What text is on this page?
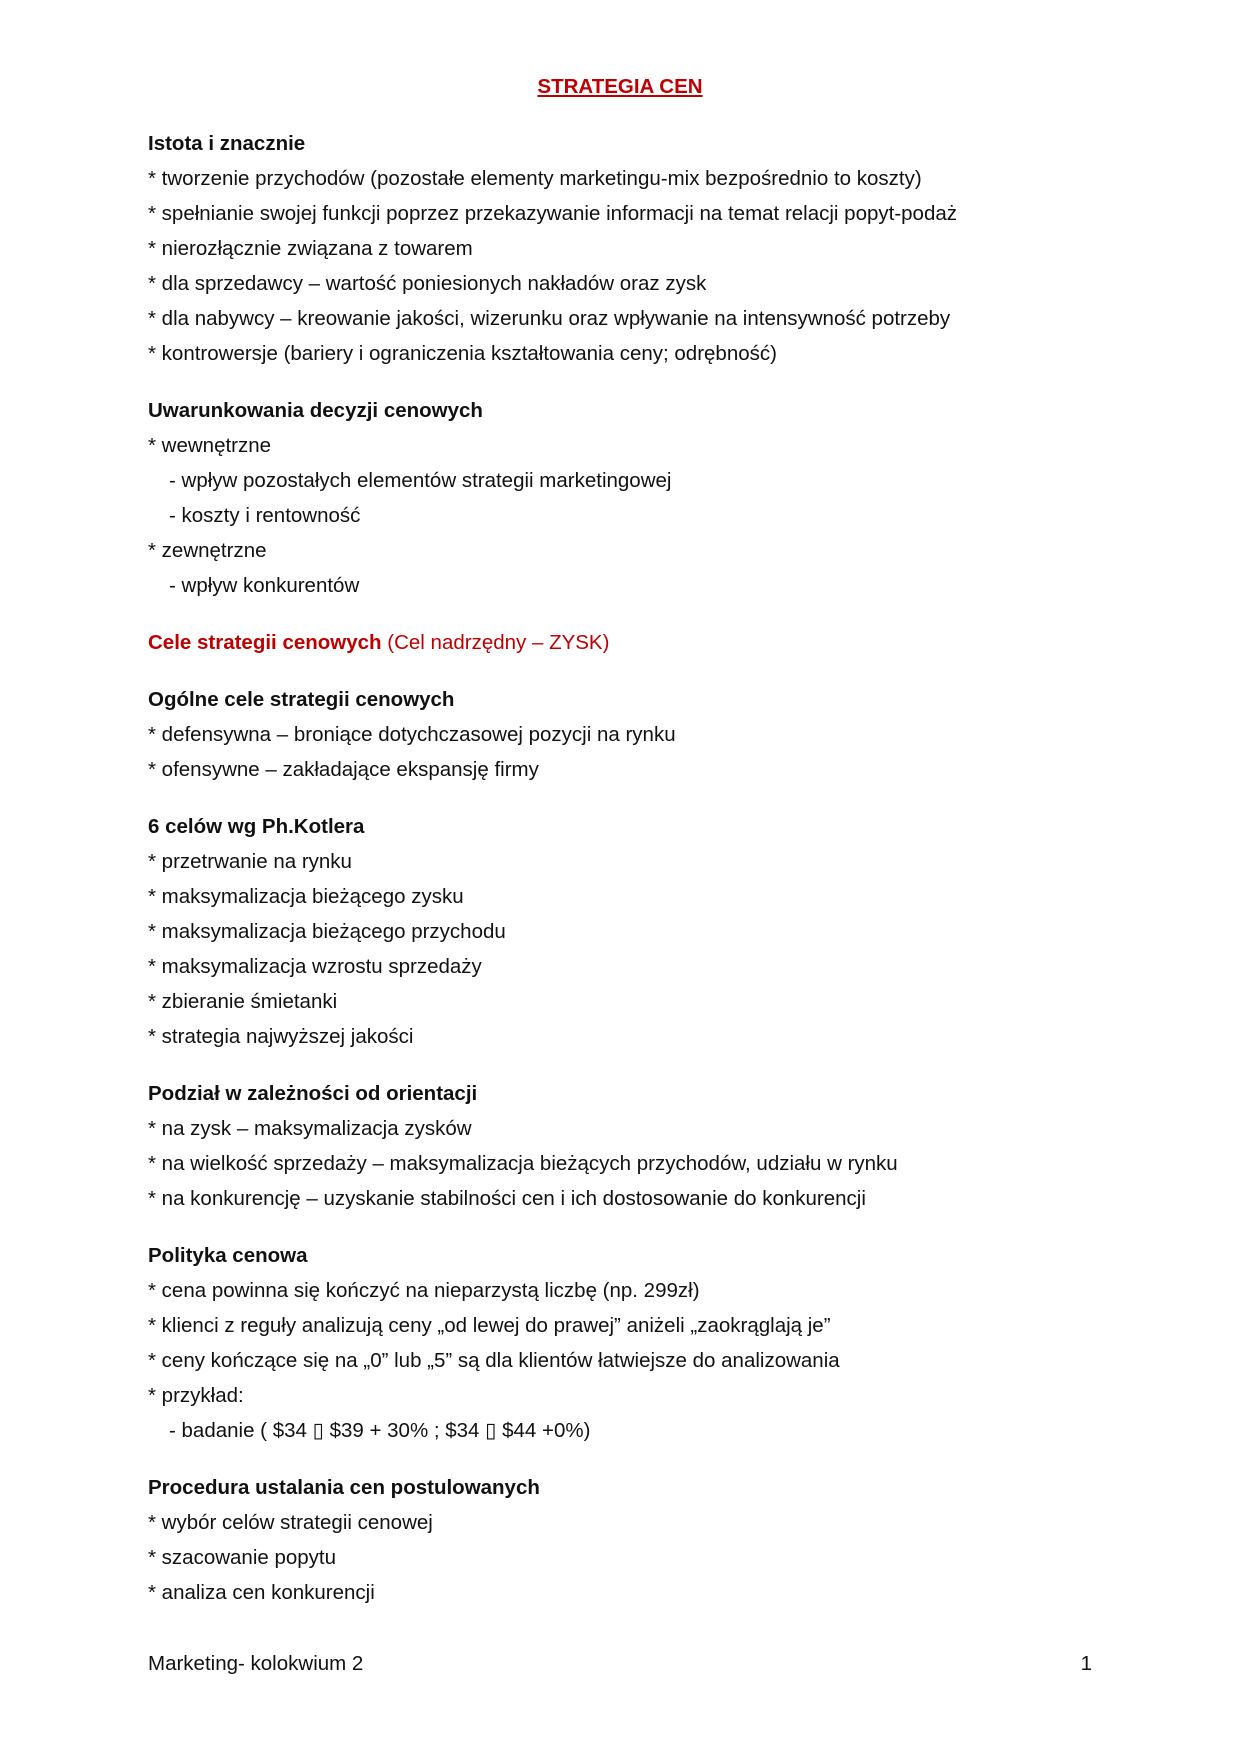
STRATEGIA CEN
Istota i znacznie
* tworzenie przychodów (pozostałe elementy marketingu-mix bezpośrednio to koszty)
* spełnianie swojej funkcji poprzez przekazywanie informacji na temat relacji popyt-podaż
* nierozłącznie związana z towarem
* dla sprzedawcy – wartość poniesionych nakładów oraz zysk
* dla nabywcy – kreowanie jakości, wizerunku oraz wpływanie na intensywność potrzeby
* kontrowersje (bariery i ograniczenia kształtowania ceny; odrębność)
Uwarunkowania decyzji cenowych
* wewnętrzne
- wpływ pozostałych elementów strategii marketingowej
- koszty i rentowność
* zewnętrzne
- wpływ konkurentów
Cele strategii cenowych (Cel nadrzędny – ZYSK)
Ogólne cele strategii cenowych
* defensywna – broniące dotychczasowej pozycji na rynku
* ofensywne – zakładające ekspansję firmy
6 celów wg Ph.Kotlera
* przetrwanie na rynku
* maksymalizacja bieżącego zysku
* maksymalizacja bieżącego przychodu
* maksymalizacja wzrostu sprzedaży
* zbieranie śmietanki
* strategia najwyższej jakości
Podział w zależności od orientacji
* na zysk – maksymalizacja zysków
* na wielkość sprzedaży – maksymalizacja bieżących przychodów, udziału w rynku
* na konkurencję – uzyskanie stabilności cen i ich dostosowanie do konkurencji
Polityka cenowa
* cena powinna się kończyć na nieparzystą liczbę (np. 299zł)
* klienci z reguły analizują ceny „od lewej do prawej” aniżeli „zaokrąglają je”
* ceny kończące się na „0” lub „5” są dla klientów łatwiejsze do analizowania
* przykład:
- badanie ( $34 ▯ $39 + 30% ; $34 ▯ $44 +0%)
Procedura ustalania cen postulowanych
* wybór celów strategii cenowej
* szacowanie popytu
* analiza cen konkurencji
Marketing- kolokwium 2	1
